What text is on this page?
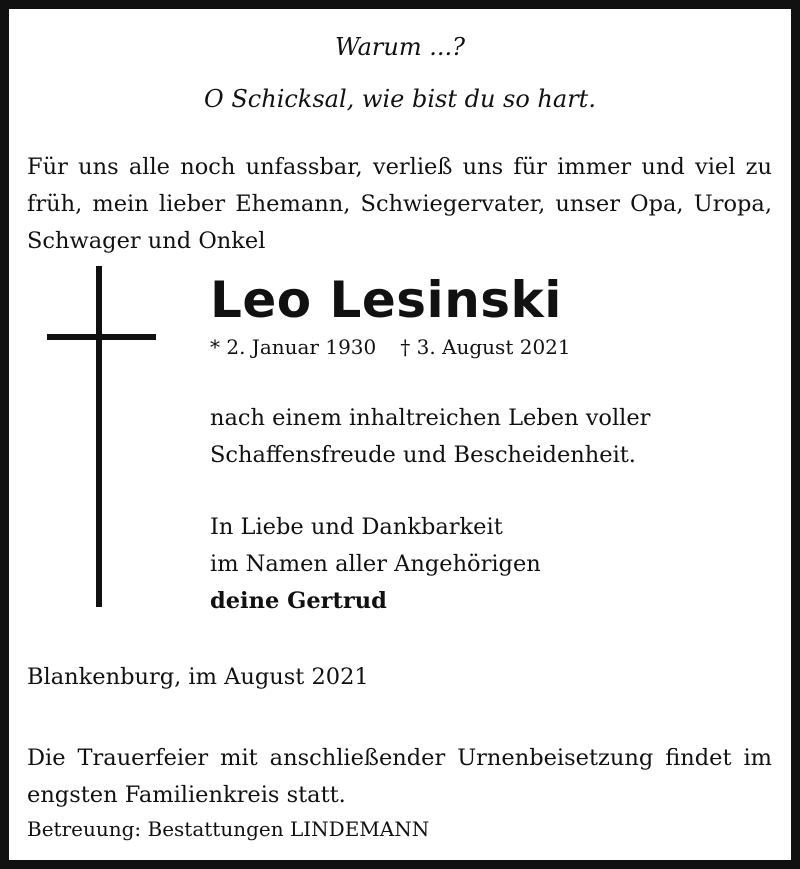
Warum ...?
O Schicksal, wie bist du so hart.
Für uns alle noch unfassbar, verließ uns für immer und viel zu früh, mein lieber Ehemann, Schwiegervater, unser Opa, Uropa, Schwager und Onkel
Leo Lesinski
* 2. Januar 1930 † 3. August 2021
nach einem inhaltreichen Leben voller
Schaffensfreude und Bescheidenheit.
In Liebe und Dankbarkeit
im Namen aller Angehörigen
deine Gertrud
Blankenburg, im August 2021
Die Trauerfeier mit anschließender Urnenbeisetzung findet im engsten Familienkreis statt.
Betreuung: Bestattungen LINDEMANN
